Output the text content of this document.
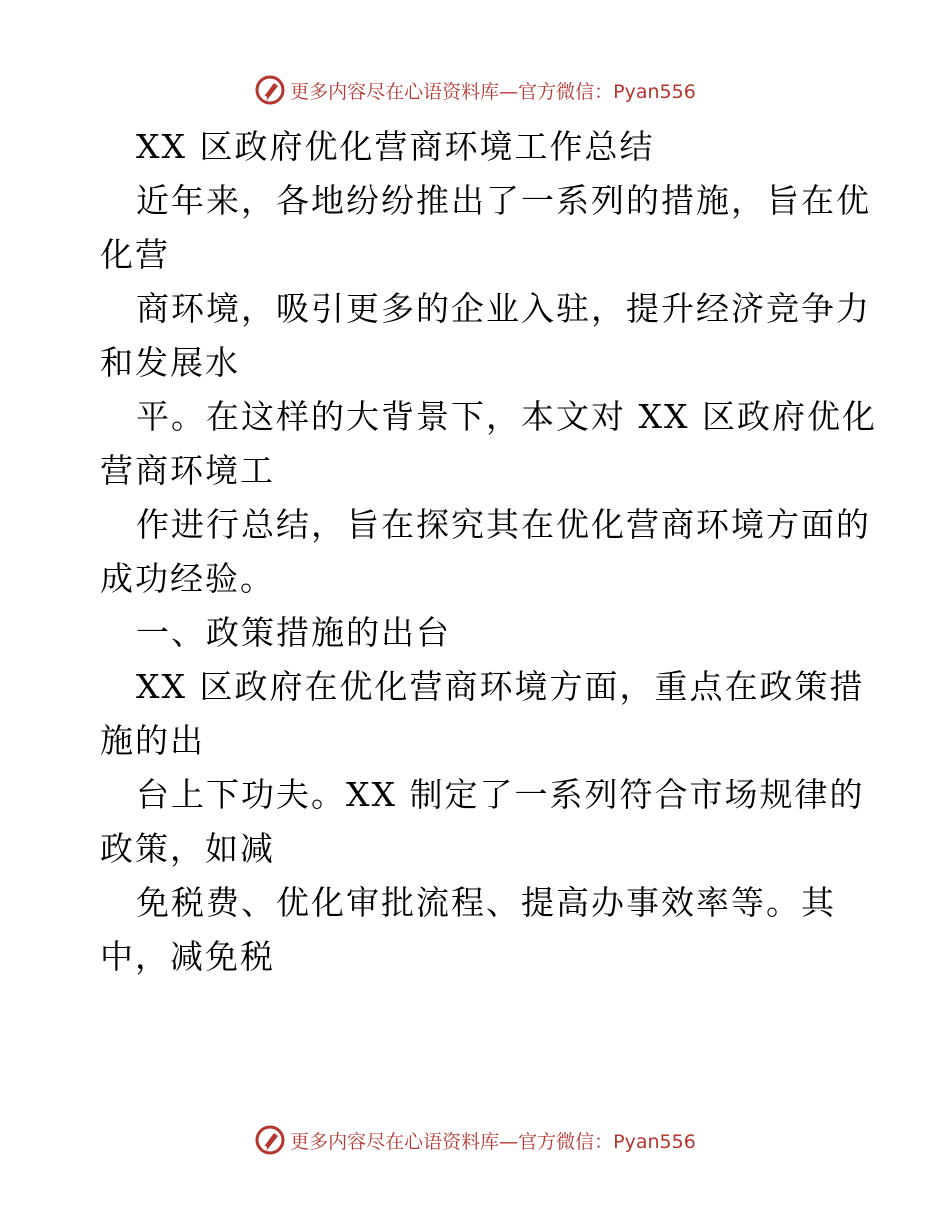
更多内容尽在心语资料库—官方微信：Pyan556
XX 区政府优化营商环境工作总结
近年来，各地纷纷推出了一系列的措施，旨在优
化营
商环境，吸引更多的企业入驻，提升经济竞争力
和发展水
平。在这样的大背景下，本文对 XX 区政府优化
营商环境工
作进行总结，旨在探究其在优化营商环境方面的
成功经验。
一、政策措施的出台
XX 区政府在优化营商环境方面，重点在政策措
施的出
台上下功夫。XX 制定了一系列符合市场规律的
政策，如减
免税费、优化审批流程、提高办事效率等。其
中，减免税
更多内容尽在心语资料库—官方微信：Pyan556
